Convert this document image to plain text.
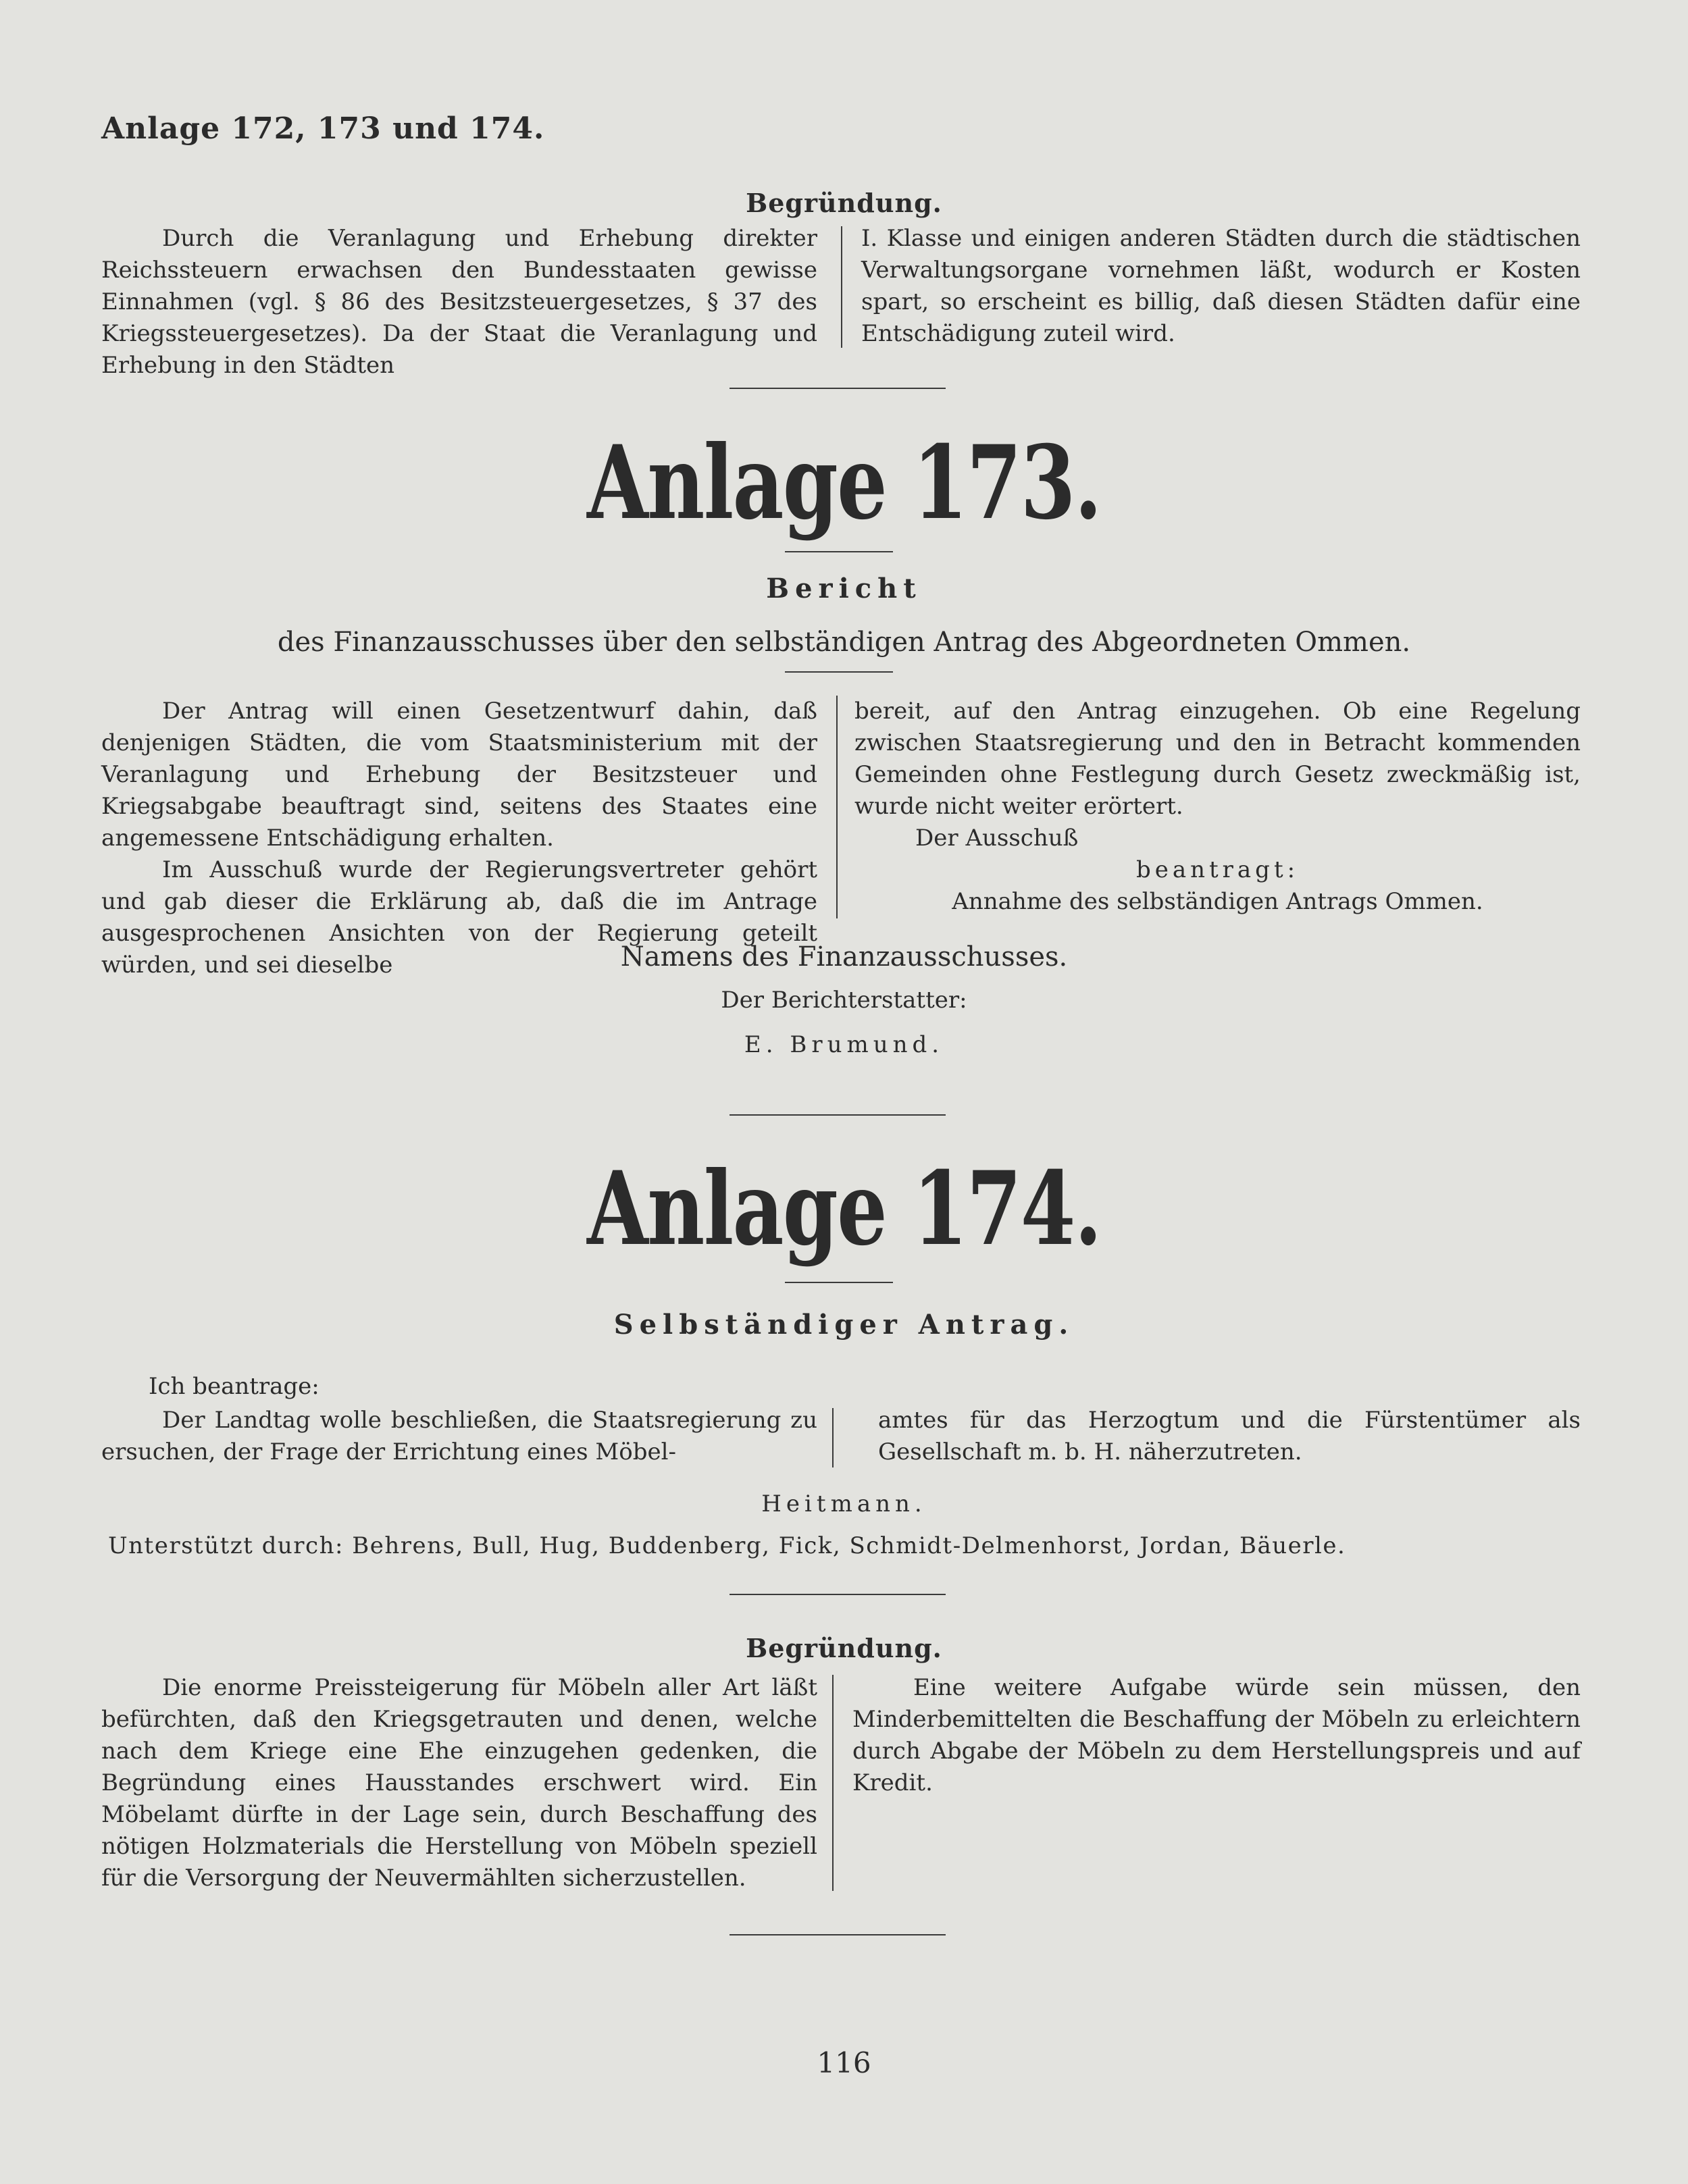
Anlage 172, 173 und 174.
Begründung.
Durch die Veranlagung und Erhebung direkter Reichssteuern erwachsen den Bundesstaaten gewisse Einnahmen (vgl. § 86 des Besitzsteuergesetzes, § 37 des Kriegssteuergesetzes). Da der Staat die Veranlagung und Erhebung in den Städten
I. Klasse und einigen anderen Städten durch die städtischen Verwaltungsorgane vornehmen läßt, wodurch er Kosten spart, so erscheint es billig, daß diesen Städten dafür eine Entschädigung zuteil wird.
Anlage 173.
Bericht
des Finanzausschusses über den selbständigen Antrag des Abgeordneten Ommen.

Der Antrag will einen Gesetzentwurf dahin, daß denjenigen Städten, die vom Staatsministerium mit der Veranlagung und Erhebung der Besitzsteuer und Kriegsabgabe beauftragt sind, seitens des Staates eine angemessene Entschädigung erhalten.

Im Ausschuß wurde der Regierungsvertreter gehört und gab dieser die Erklärung ab, daß die im Antrage ausgesprochenen Ansichten von der Regierung geteilt würden, und sei dieselbe

bereit, auf den Antrag einzugehen. Ob eine Regelung zwischen Staatsregierung und den in Betracht kommenden Gemeinden ohne Festlegung durch Gesetz zweckmäßig ist, wurde nicht weiter erörtert.

Der Ausschuß

beantragt:

Annahme des selbständigen Antrags Ommen.

Namens des Finanzausschusses.
Der Berichterstatter:
E. Brumund.
Anlage 174.
Selbständiger Antrag.
Ich beantrage:
Der Landtag wolle beschließen, die Staatsregierung zu ersuchen, der Frage der Errichtung eines Möbel-
amtes für das Herzogtum und die Fürstentümer als Gesellschaft m. b. H. näherzutreten.
Heitmann.
Unterstützt durch: Behrens, Bull, Hug, Buddenberg, Fick, Schmidt-Delmenhorst, Jordan, Bäuerle.
Begründung.
Die enorme Preissteigerung für Möbeln aller Art läßt befürchten, daß den Kriegsgetrauten und denen, welche nach dem Kriege eine Ehe einzugehen gedenken, die Begründung eines Hausstandes erschwert wird. Ein Möbelamt dürfte in der Lage sein, durch Beschaffung des nötigen Holzmaterials die Herstellung von Möbeln speziell für die Versorgung der Neuvermählten sicherzustellen.
Eine weitere Aufgabe würde sein müssen, den Minderbemittelten die Beschaffung der Möbeln zu erleichtern durch Abgabe der Möbeln zu dem Herstellungspreis und auf Kredit.
116
